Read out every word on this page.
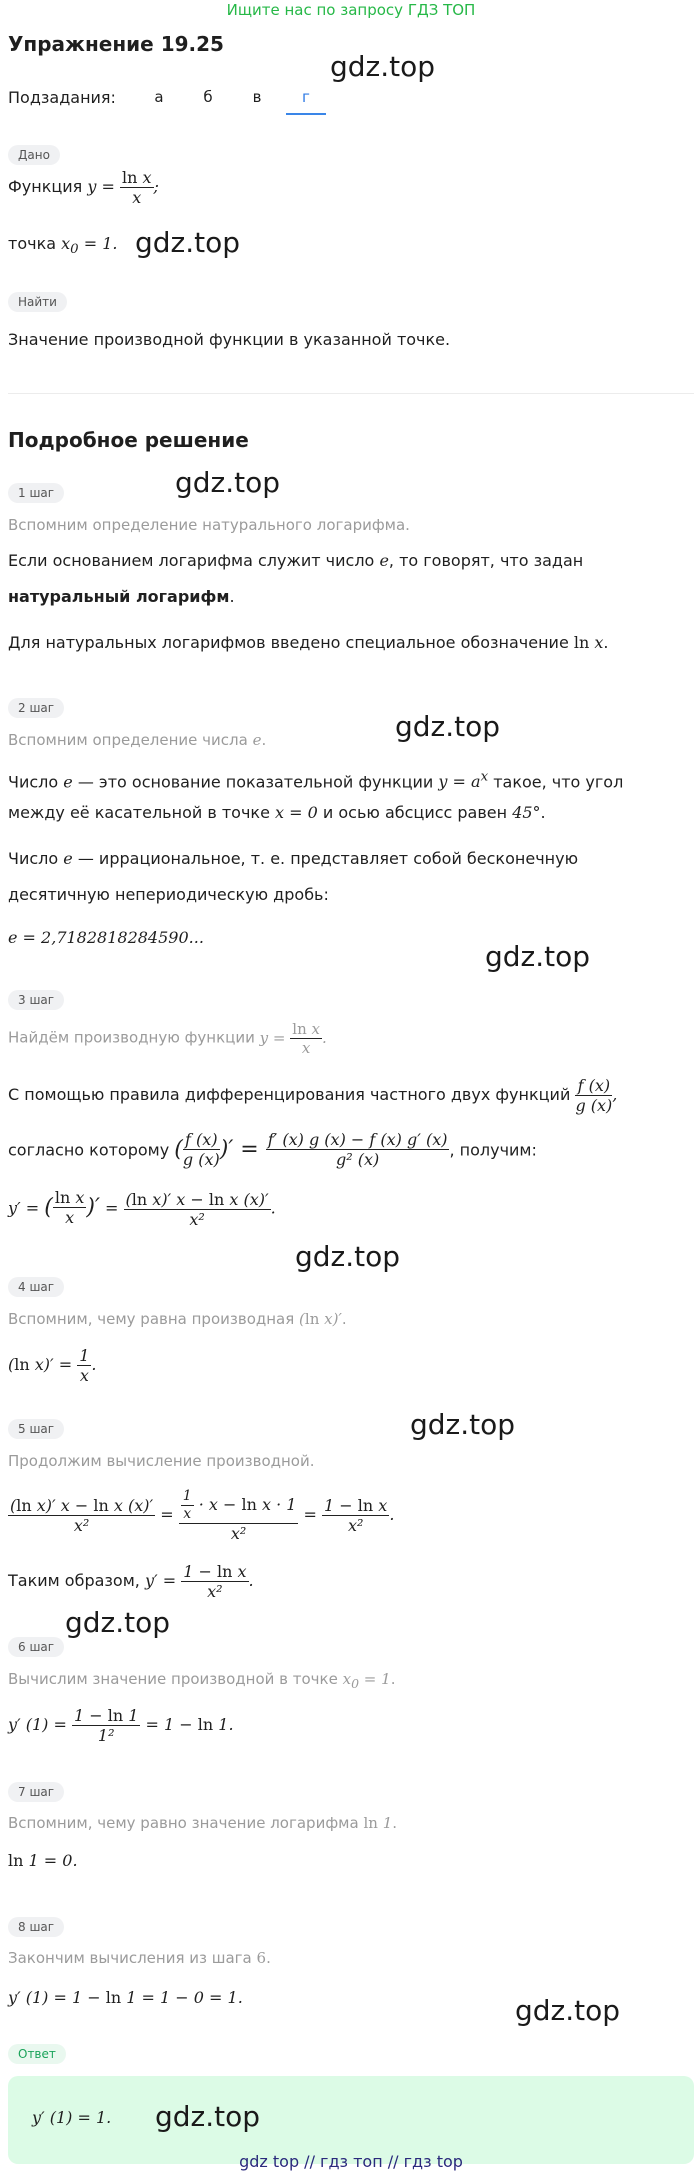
Ищите нас по запросу ГДЗ ТОП
Упражнение 19.25
Подзадания:	а	б	в	г
Дано
Функция $y = \frac{\text{ln x}}{x}$ ;
точка $x_0 = 1$.
Найти
Значение производной функции в указанной точке.
Подробное решение
1 шаг
Вспомним определение натурального логарифма.
Если основанием логарифма служит число e, то говорят, что задан
натуральный логарифм.
Для натуральных логарифмов введено специальное обозначение ln x.
2 шаг
Вспомним определение числа e.
Число e — это основание показательной функции $y = a^x$ такое, что угол
между её касательной в точке x = 0 и осью абсцисс равен 45°.
Число e — иррациональное, т. е. представляет собой бесконечную
десятичную непериодическую дробь:
e = 2,7182818284590...
3 шаг
Найдём производную функции $y = \frac{\text{ln x}}{x}$ .
С помощью правила дифференцирования частного двух функций $\frac{f (x)}{g (x)}$ ,
согласно которому ( $\frac{f (x)}{g (x)}$ )′ = $\frac{f' (x) g (x) - f (x) g' (x)}{\text{g² (x)}}$ , получим:
y′ = ( $\frac{\text{ln x}}{x}$ )′ = $\frac{\text{(ln x)′ x − ln x (x)′}}{\text{x²}}$ .
4 шаг
Вспомним, чему равна производная (ln x)′.
(ln $x)' = \frac{1}{x}$ .
5 шаг
Продолжим вычисление производной.
$\frac{\text{(ln x)′ x − ln x (x)′}}{\text{x²}} = \frac{\frac{1}{x} \cdot x - \ln x \cdot 1}{\text{x²}} = \frac{\text{1 − ln x}}{\text{x²}}$ .
Таким образом, $y' = \frac{\text{1 − ln x}}{\text{x²}}$ .
6 шаг
Вычислим значение производной в точке $x_0 = 1$.
y′ $(1) = \frac{1 - \ln 1}{\text{1²}} = 1 - \ln 1$.
7 шаг
Вспомним, чему равно значение логарифма ln 1.
ln 1 = 0.
8 шаг
Закончим вычисления из шага 6.
y′ (1) = 1 − ln 1 = 1 − 0 = 1.
Ответ
y′ (1) = 1.
gdz top // гдз топ // гдз top
gdz.top
gdz.top
gdz.top
gdz.top
gdz.top
gdz.top
gdz.top
gdz.top
gdz.top
gdz.top
